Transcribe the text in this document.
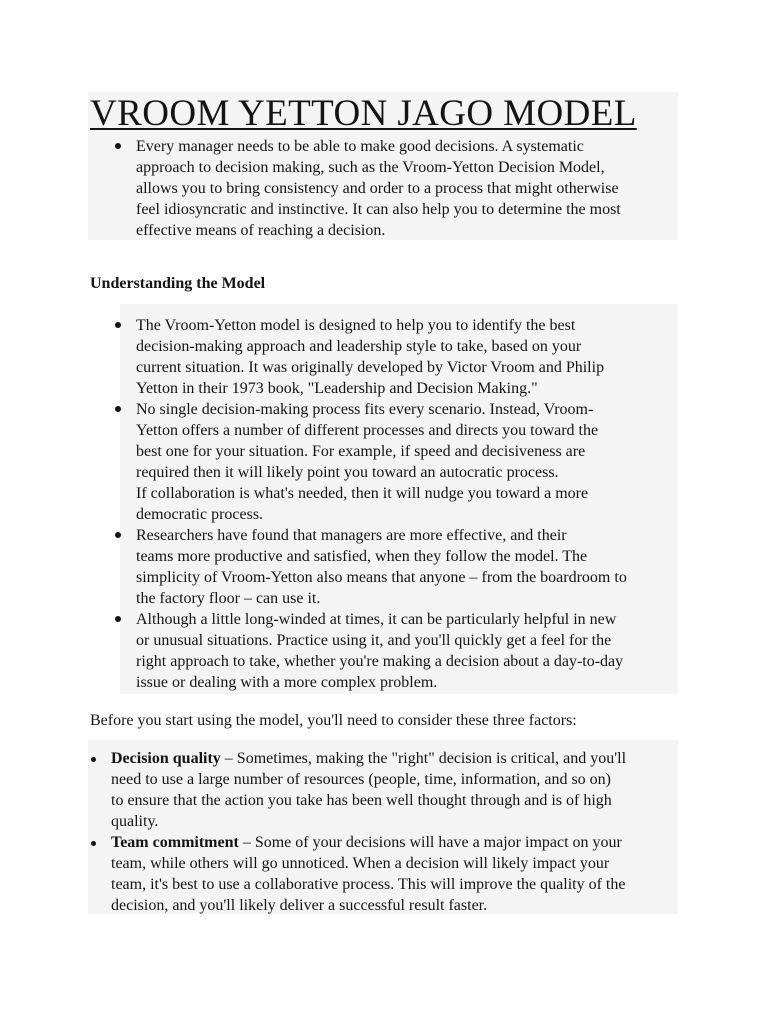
VROOM YETTON JAGO MODEL
Every manager needs to be able to make good decisions. A systematic
approach to decision making, such as the Vroom-Yetton Decision Model,
allows you to bring consistency and order to a process that might otherwise
feel idiosyncratic and instinctive. It can also help you to determine the most
effective means of reaching a decision.
Understanding the Model
The Vroom-Yetton model is designed to help you to identify the best
decision-making approach and leadership style to take, based on your
current situation. It was originally developed by Victor Vroom and Philip
Yetton in their 1973 book, "Leadership and Decision Making."
No single decision-making process fits every scenario. Instead, Vroom-
Yetton offers a number of different processes and directs you toward the
best one for your situation. For example, if speed and decisiveness are
required then it will likely point you toward an autocratic process.
If collaboration is what's needed, then it will nudge you toward a more
democratic process.
Researchers have found that managers are more effective, and their
teams more productive and satisfied, when they follow the model. The
simplicity of Vroom-Yetton also means that anyone – from the boardroom to
the factory floor – can use it.
Although a little long-winded at times, it can be particularly helpful in new
or unusual situations. Practice using it, and you'll quickly get a feel for the
right approach to take, whether you're making a decision about a day-to-day
issue or dealing with a more complex problem.
Before you start using the model, you'll need to consider these three factors:
Decision quality – Sometimes, making the "right" decision is critical, and you'll
need to use a large number of resources (people, time, information, and so on)
to ensure that the action you take has been well thought through and is of high
quality.
Team commitment – Some of your decisions will have a major impact on your
team, while others will go unnoticed. When a decision will likely impact your
team, it's best to use a collaborative process. This will improve the quality of the
decision, and you'll likely deliver a successful result faster.
